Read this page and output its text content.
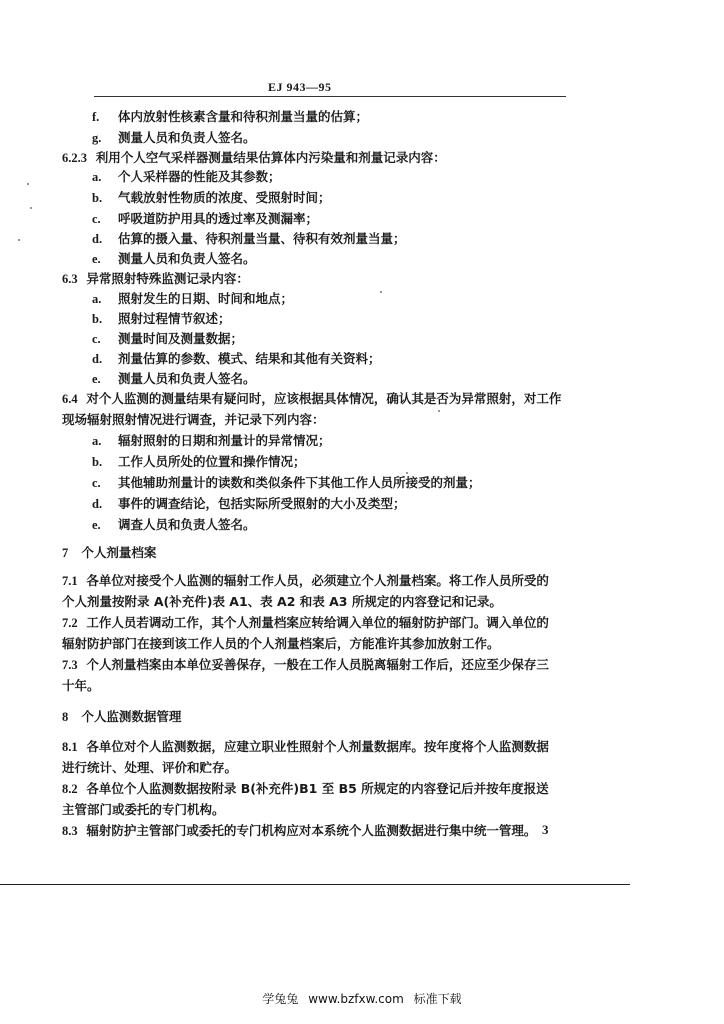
EJ 943—95
f. 体内放射性核素含量和待积剂量当量的估算；
g. 测量人员和负责人签名。
6.2.3 利用个人空气采样器测量结果估算体内污染量和剂量记录内容：
a. 个人采样器的性能及其参数；
b. 气载放射性物质的浓度、受照射时间；
c. 呼吸道防护用具的透过率及测漏率；
d. 估算的摄入量、待积剂量当量、待积有效剂量当量；
e. 测量人员和负责人签名。
6.3 异常照射特殊监测记录内容：
a. 照射发生的日期、时间和地点；
b. 照射过程情节叙述；
c. 测量时间及测量数据；
d. 剂量估算的参数、模式、结果和其他有关资料；
e. 测量人员和负责人签名。
6.4 对个人监测的测量结果有疑问时，应该根据具体情况，确认其是否为异常照射，对工作
现场辐射照射情况进行调查，并记录下列内容：
a. 辐射照射的日期和剂量计的异常情况；
b. 工作人员所处的位置和操作情况；
c. 其他辅助剂量计的读数和类似条件下其他工作人员所接受的剂量；
d. 事件的调查结论，包括实际所受照射的大小及类型；
e. 调查人员和负责人签名。
7 个人剂量档案
7.1 各单位对接受个人监测的辐射工作人员，必须建立个人剂量档案。将工作人员所受的
个人剂量按附录 A(补充件)表 A1、表 A2 和表 A3 所规定的内容登记和记录。
7.2 工作人员若调动工作，其个人剂量档案应转给调入单位的辐射防护部门。调入单位的
辐射防护部门在接到该工作人员的个人剂量档案后，方能准许其参加放射工作。
7.3 个人剂量档案由本单位妥善保存，一般在工作人员脱离辐射工作后，还应至少保存三
十年。
8 个人监测数据管理
8.1 各单位对个人监测数据，应建立职业性照射个人剂量数据库。按年度将个人监测数据
进行统计、处理、评价和贮存。
8.2 各单位个人监测数据按附录 B(补充件)B1 至 B5 所规定的内容登记后并按年度报送
主管部门或委托的专门机构。
8.3 辐射防护主管部门或委托的专门机构应对本系统个人监测数据进行集中统一管理。 3
学兔兔 www.bzfxw.com 标准下载
